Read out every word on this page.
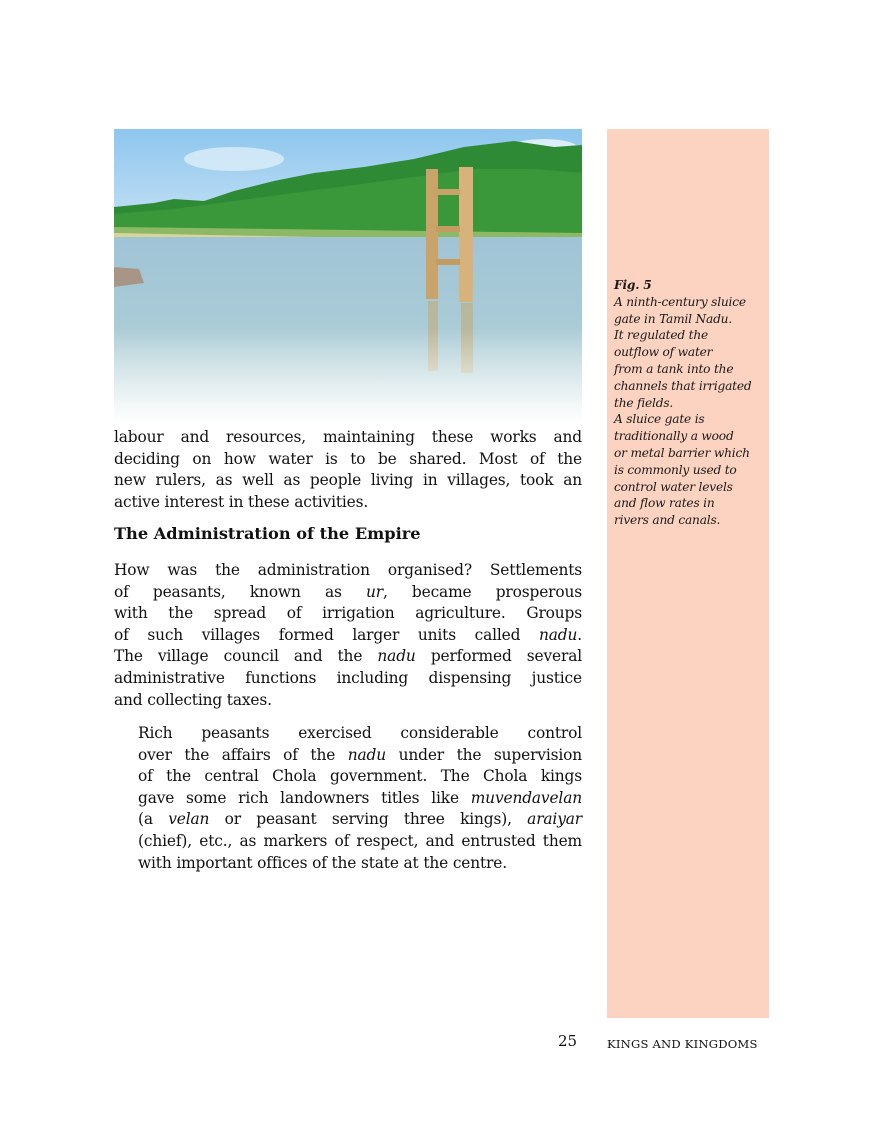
Fig. 5
A ninth-century sluice
gate in Tamil Nadu.
It regulated the
outflow of water
from a tank into the
channels that irrigated
the fields.
A sluice gate is
traditionally a wood
or metal barrier which
is commonly used to
control water levels
and flow rates in
rivers and canals.
labour and resources, maintaining these works and
deciding on how water is to be shared. Most of the
new rulers, as well as people living in villages, took an
active interest in these activities.
The Administration of the Empire
How was the administration organised? Settlements
of peasants, known as ur, became prosperous
with the spread of irrigation agriculture. Groups
of such villages formed larger units called nadu.
The village council and the nadu performed several
administrative functions including dispensing justice
and collecting taxes.
Rich peasants exercised considerable control
over the affairs of the nadu under the supervision
of the central Chola government. The Chola kings
gave some rich landowners titles like muvendavelan
(a velan or peasant serving three kings), araiyar
(chief), etc., as markers of respect, and entrusted them
with important offices of the state at the centre.
25	KINGS AND KINGDOMS
